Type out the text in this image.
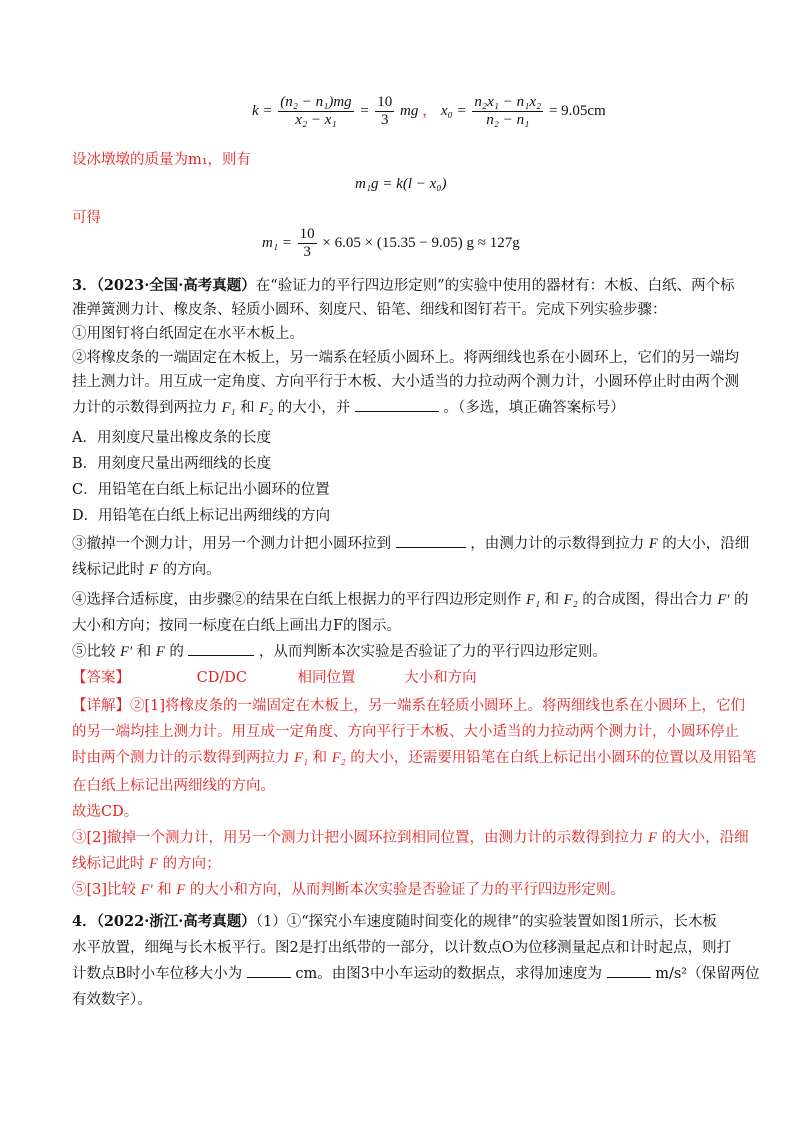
$k = \frac{\text{(n₂ − n₁)mg}}{\text{x₂ − x₁}} = \frac{10}{3}$ mg ， $x_0 = \frac{\text{n₂x₁ − n₁x₂}}{\text{n₂ − n₁}} = 9.05cm$
设冰墩墩的质量为m₁，则有
m₁g = k(l − x₀)
可得
$m_1 = \frac{10}{3} \times 6.05 \times (15.35 - 9.05) g \approx 127g$
3．（2023·全国·高考真题）在“验证力的平行四边形定则”的实验中使用的器材有：木板、白纸、两个标
准弹簧测力计、橡皮条、轻质小圆环、刻度尺、铅笔、细线和图钉若干。完成下列实验步骤：
①用图钉将白纸固定在水平木板上。
②将橡皮条的一端固定在木板上，另一端系在轻质小圆环上。将两细线也系在小圆环上，它们的另一端均
挂上测力计。用互成一定角度、方向平行于木板、大小适当的力拉动两个测力计，小圆环停止时由两个测
力计的示数得到两拉力 F₁ 和 F₂ 的大小，并	。（多选，填正确答案标号）
A．用刻度尺量出橡皮条的长度
B．用刻度尺量出两细线的长度
C．用铅笔在白纸上标记出小圆环的位置
D．用铅笔在白纸上标记出两细线的方向
③撤掉一个测力计，用另一个测力计把小圆环拉到	，由测力计的示数得到拉力 F 的大小，沿细
线标记此时 F 的方向。
④选择合适标度，由步骤②的结果在白纸上根据力的平行四边形定则作 F₁ 和 F₂ 的合成图，得出合力 F′ 的
大小和方向；按同一标度在白纸上画出力F的图示。
⑤比较 F′ 和 F 的	，从而判断本次实验是否验证了力的平行四边形定则。
【答案】	CD/DC	相同位置	大小和方向
【详解】②[1]将橡皮条的一端固定在木板上，另一端系在轻质小圆环上。将两细线也系在小圆环上，它们
的另一端均挂上测力计。用互成一定角度、方向平行于木板、大小适当的力拉动两个测力计，小圆环停止
时由两个测力计的示数得到两拉力 F₁ 和 F₂ 的大小，还需要用铅笔在白纸上标记出小圆环的位置以及用铅笔
在白纸上标记出两细线的方向。
故选CD。
③[2]撤掉一个测力计，用另一个测力计把小圆环拉到相同位置，由测力计的示数得到拉力 F 的大小，沿细
线标记此时 F 的方向；
⑤[3]比较 F′ 和 F 的大小和方向，从而判断本次实验是否验证了力的平行四边形定则。
4．（2022·浙江·高考真题）（1）①“探究小车速度随时间变化的规律”的实验装置如图1所示，长木板
水平放置，细绳与长木板平行。图2是打出纸带的一部分，以计数点O为位移测量起点和计时起点，则打
计数点B时小车位移大小为	cm。由图3中小车运动的数据点，求得加速度为	m/s²（保留两位
有效数字）。
